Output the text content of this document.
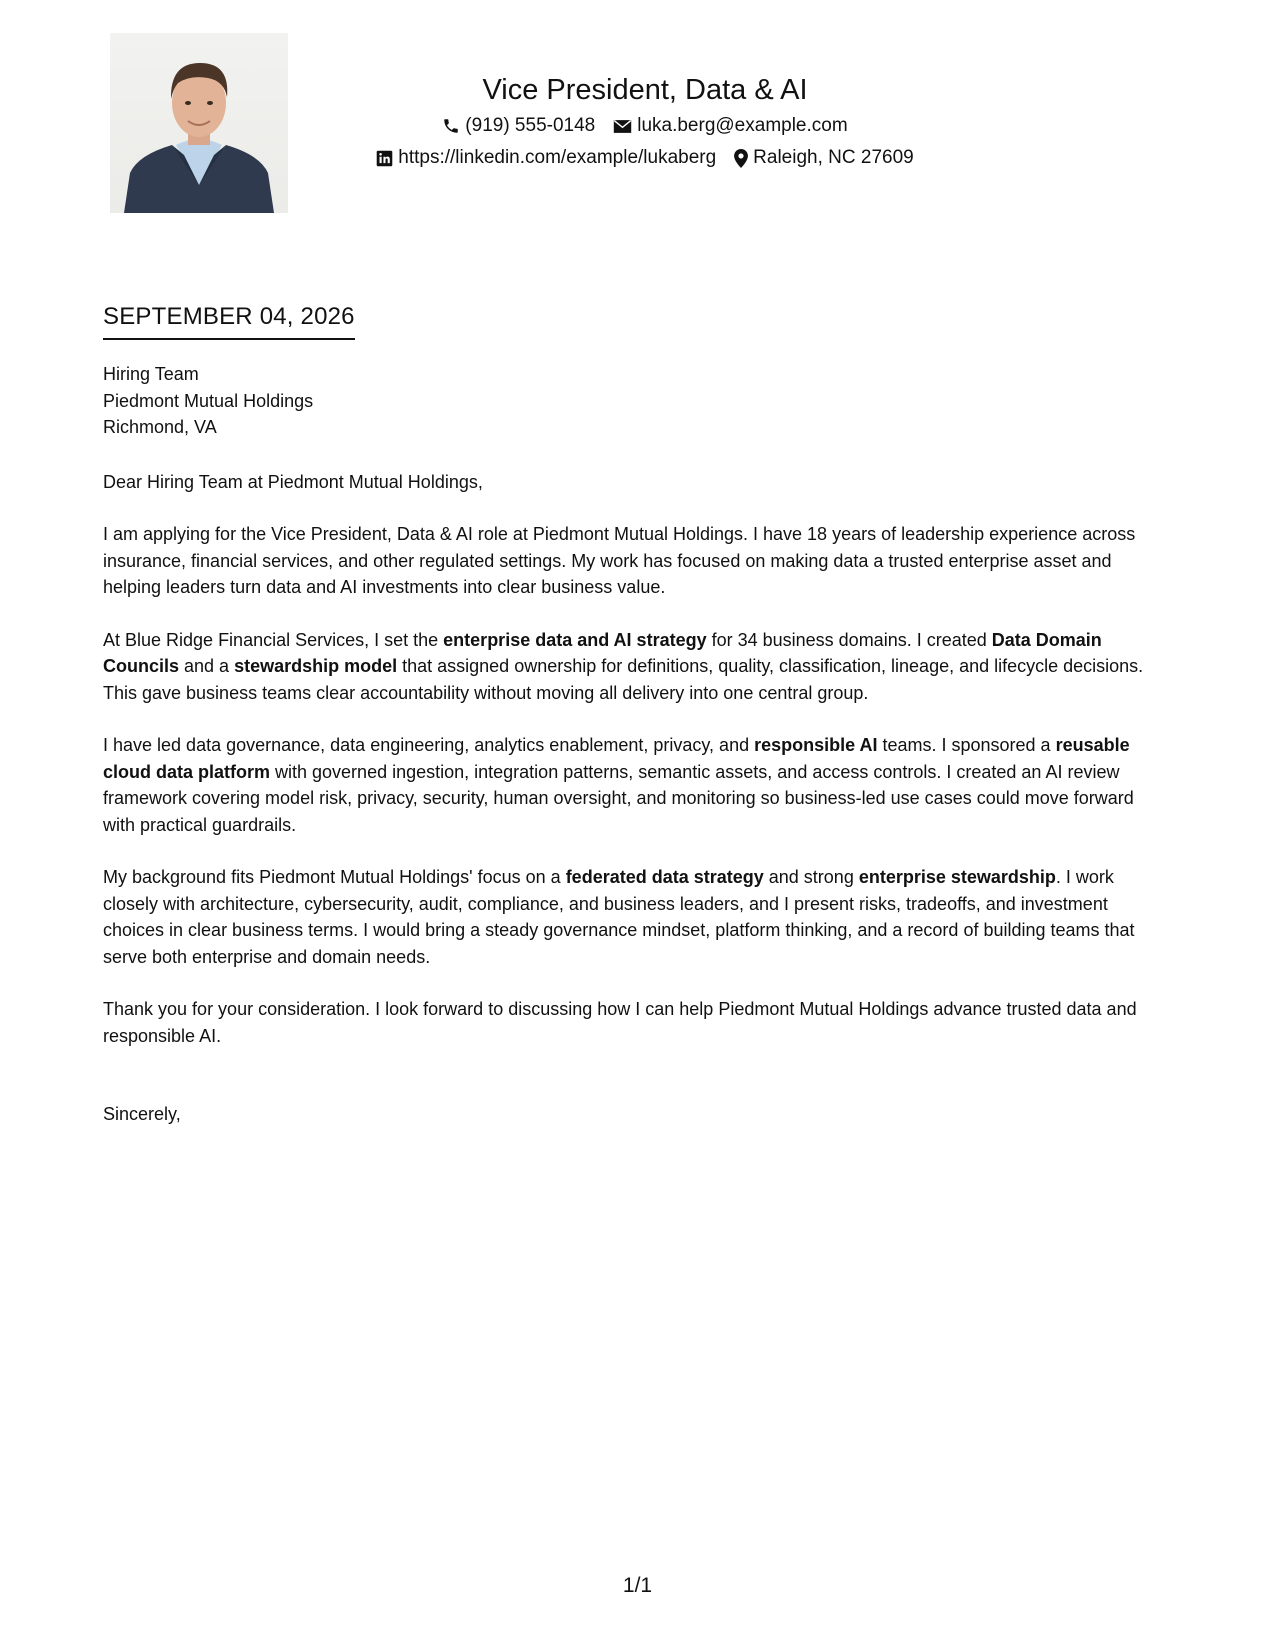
Vice President, Data & AI
(919) 555-0148 luka.berg@example.com
https://linkedin.com/example/lukaberg Raleigh, NC 27609
SEPTEMBER 04, 2026
Hiring Team
Piedmont Mutual Holdings
Richmond, VA

Dear Hiring Team at Piedmont Mutual Holdings,

I am applying for the Vice President, Data & AI role at Piedmont Mutual Holdings. I have 18 years of leadership experience across insurance, financial services, and other regulated settings. My work has focused on making data a trusted enterprise asset and helping leaders turn data and AI investments into clear business value.

At Blue Ridge Financial Services, I set the enterprise data and AI strategy for 34 business domains. I created Data Domain Councils and a stewardship model that assigned ownership for definitions, quality, classification, lineage, and lifecycle decisions. This gave business teams clear accountability without moving all delivery into one central group.

I have led data governance, data engineering, analytics enablement, privacy, and responsible AI teams. I sponsored a reusable cloud data platform with governed ingestion, integration patterns, semantic assets, and access controls. I created an AI review framework covering model risk, privacy, security, human oversight, and monitoring so business-led use cases could move forward with practical guardrails.

My background fits Piedmont Mutual Holdings' focus on a federated data strategy and strong enterprise stewardship. I work closely with architecture, cybersecurity, audit, compliance, and business leaders, and I present risks, tradeoffs, and investment choices in clear business terms. I would bring a steady governance mindset, platform thinking, and a record of building teams that serve both enterprise and domain needs.

Thank you for your consideration. I look forward to discussing how I can help Piedmont Mutual Holdings advance trusted data and responsible AI.

Sincerely,

1/1
